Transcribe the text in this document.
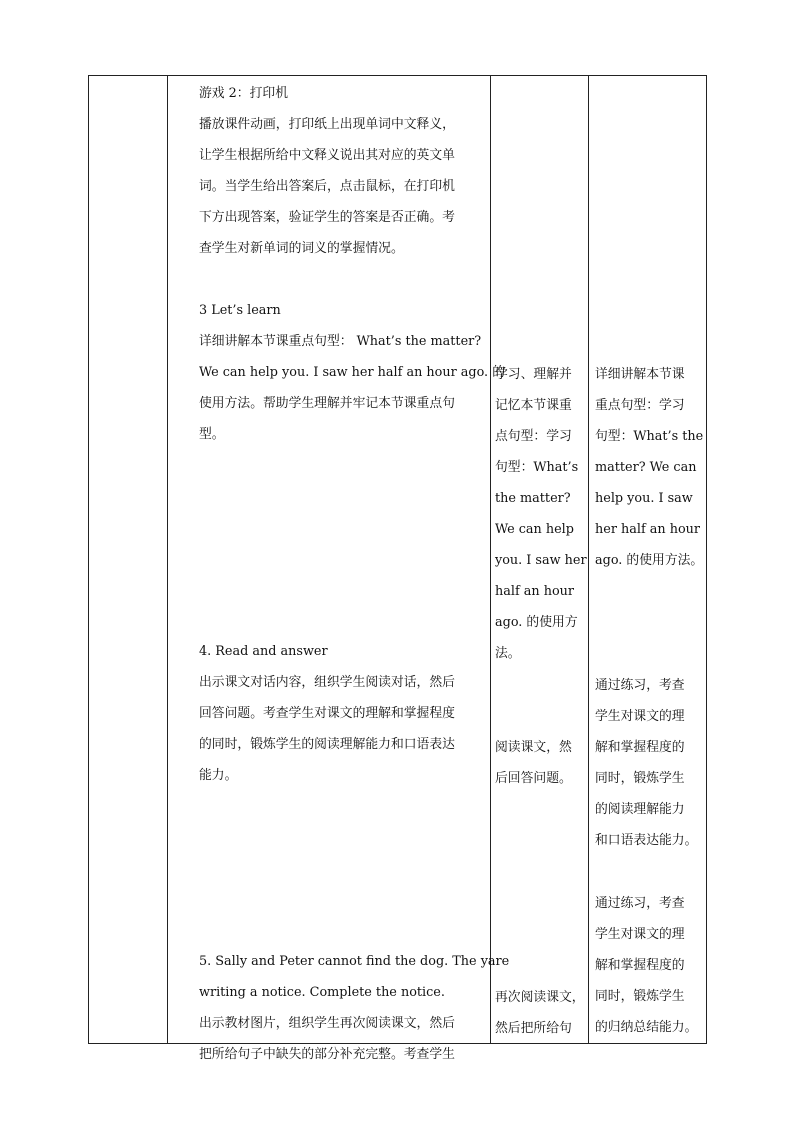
游戏 2：打印机
播放课件动画，打印纸上出现单词中文释义，
让学生根据所给中文释义说出其对应的英文单
词。当学生给出答案后，点击鼠标，在打印机
下方出现答案，验证学生的答案是否正确。考
查学生对新单词的词义的掌握情况。

3 Let’s learn
详细讲解本节课重点句型： What’s the matter?
We can help you. I saw her half an hour ago. 的
使用方法。帮助学生理解并牢记本节课重点句
型。

4. Read and answer
出示课文对话内容，组织学生阅读对话，然后
回答问题。考查学生对课文的理解和掌握程度
的同时，锻炼学生的阅读理解能力和口语表达
能力。

5. Sally and Peter cannot find the dog. The yare
writing a notice. Complete the notice.
出示教材图片，组织学生再次阅读课文，然后
把所给句子中缺失的部分补充完整。考查学生
学习、理解并
记忆本节课重
点句型：学习
句型：What’s
the matter?
We can help
you. I saw her
half an hour
ago. 的使用方
法。
阅读课文，然
后回答问题。
再次阅读课文，
然后把所给句
详细讲解本节课
重点句型：学习
句型：What’s the
matter? We can
help you. I saw
her half an hour
ago. 的使用方法。
通过练习，考查
学生对课文的理
解和掌握程度的
同时，锻炼学生
的阅读理解能力
和口语表达能力。
通过练习，考查
学生对课文的理
解和掌握程度的
同时，锻炼学生
的归纳总结能力。
